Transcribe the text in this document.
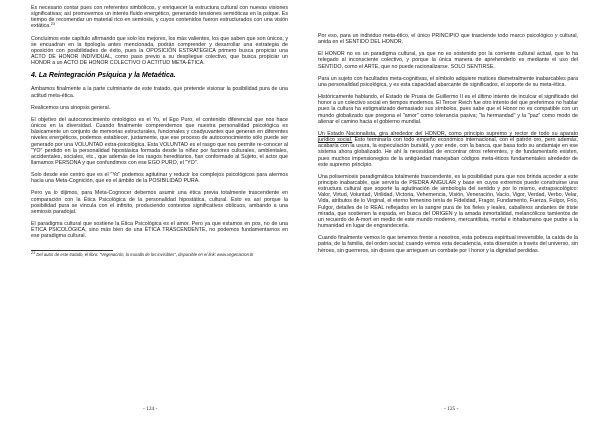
Es necesario contar pues con referentes simbólicos, y enriquecer la estructura cultural con nuevas visiones significativas; así promovemos un interés fluido energético, generando tensiones semióticas en la psique. Es tiempo de recomendar un material rico en semiosis, y cuyos contenidos fueron estructurados con una visión extática.$^{23}$

Concluimos este capítulo afirmando que solo los mejores, los más valientes, los que saben que son únicos, y se encuadran en la tipología antes mencionada, podrán comprender y desarrollar una estrategia de oposición con posibilidades de éxito, pues la OPOSICIÓN ESTRATEGICA primero busca propiciar una ACTO DE HONOR INDIVIDUAL, como paso previo a su despliegue colectivo, que busca propiciar un HONOR a un ACTO DE HONOR COLECTIVO O ACTITUD META-ÉTICA.

4. La Reintegración Psíquica y la Metaética.

Ambamos finalmente a la parte culminante de este tratado, que pretende visionar la posibilidad pura de una actitud meta-ética.

Realicemos una sinopsis general.

El objetivo del autoconocimiento ontológico es el Yo, el Ego Puro, el contenido diferencial que nos hace únicos en la diversidad. Cuando finalmente comprendemos que nuestra personalidad psicológica es básicamente un conjunto de memorias estructurales, funcionales y coadyuvantes que generan en diferentes niveles energéticos, podemos establecer, justamente, que ese proceso de autoconocimiento sólo puede ser generado por una VOLUNTAD extra-psicológica. Esta VOLUNTAD es el rasgo que nos permite re-conocer al "YO" perdido en la personalidad hipostásica formada desde la niñez por factores culturales, ambientales, accidentales, sociales, etc., que además de los rasgos hereditarios, han conformado al Sujeto, el actor que llamamos PERSONA y que confundimos con ese EGO PURO, el "YO".

Solo desde ese centro que es el "Yo" podemos agitutinar y reducir los complejos psicológicos para atermos hacia una Meta-Cognición, que es el ámbito de la POSIBILIDAD PURA.

Pero ya lo dijimos, para Meta-Cognocer debemos asumir una ética previa totalmente trascendente en comparación con la Ética Psicológica de la personalidad hipostática, cultural. Esto es así porque la posibilidad pura se vincula con el infinito, produciendo contextos significativos oblicuos, ambando a una semiosis paradojal.

El paradigma cultural que sostiene la Ética Psicológica es el amor. Pero ya que estamos en pos, no de una ÉTICA PSICOLÓGICA, sino más bien de una ÉTICA TRASCENDENTE, no podemos fundamentarnos en ese paradigma cultural.

$^{23}$ Del autor de este tratado, el libro: "Vegenacrón, la muralla de los invisibles", disponible en el link: www.vegenacron.tk
- 124 -

Por eso, para un individuo meta-ético, el único PRINCIPIO que trasciende todo marco psicológico y cultural, anida en el SENTIDO DEL HONOR.

El HONOR no es un paradigma cultural, ya que no es sostenido por la corriente cultural actual, que lo ha relegado al inconsciente colectivo, y porque la única manera de aprehenderlo es mediante el uso del SENTIDO, como el ARTE, que no puede racionalizarse. SOLO SENTIRSE.

Para un sujeto con facultades meta-cognitivas, el símbolo adquiere matices diametralmente inabarcables para una personalidad psicológica, y es esta capacidad abarcante de significados, el soporte de su meta-ética.

Históricamente hablando, el Estado de Prusia de Guillermo II es el último intento de inculcar el significado del honor a un colectivo social en tiempos modernos. El Tercer Reich fue otro intento del que preferimos no hablar pues la cultura ha estigmatizado demasiado sus símbolos, pues sabe que el Honor no es compatible con un mundo globalizado que pregona el "amor" como tolerancia pasiva; "la hermandad" y la "paz" como modo de alienar el camino hacia el gobierno mundial.

Un Estado Nacionalista, gira alrededor del HONOR, como principio supremo y rector de todo su aparato jurídico social. Esto terminaría con todo empeño económico internacional, con el patrón oro, pero además, acabaría con la usura, la especulación bursátil, y por ende, con la banca, que basa todo su andamiaje en ese sistema ahora globalizado. He ahí la necesidad de encontrar otros referentes, y de fundamentarlo existen, pues muchos impensionegios de la antigüedad manejaban códigos meta-éticos fundamentales alrededor de este supremo principio.

Una polisemiosis paradigmática totalmente trascendente, es la posibilidad pura que nos brinda acceder a este principio inabarcable, que serviría de PIEDRA ANGULAR y base en cuyos extremos puede construirse una estructura cultural que soporte la aglutinación de simbología del sentido y por lo mismo, extrapsicológico: Valor, Virtud, Voluntad, Virilidad, Victoria, Vehemencia, Visión, Veneración, Vacío, Vigor, Verdad, Verbo, Velar, Vida, atributos de lo Virginal, el eterno femenino tenía de Fidelidad, Fragor, Fundamento, Fuerza, Fulgor, Frío, Fulgor, detalles de lo REAL reflejados en la sangre pura de los fieles y leales, caballeros andantes de triste mirada, que sostienen la espada, en busca del ORIGEN y la amada inmortalidad, melancólicos tamientos de un recuerdo de A-mort en medio de este mundo moderno, mercantilista, mortal e inhabumano que pudre a la humanidad en lugar de engrandecerla.

Cuando finalmente vemos lo que tenemos frente a nosotros, esta pobreza espiritual irreversible, la caída de la patria, de la familia, del orden social; cuando vemos esta decadencia, esta disensión a través del universo, sin héroes, sin guerreros, sin dioses que arrieguen un combate por l honor y la dignidad perdidas.

- 125 -
